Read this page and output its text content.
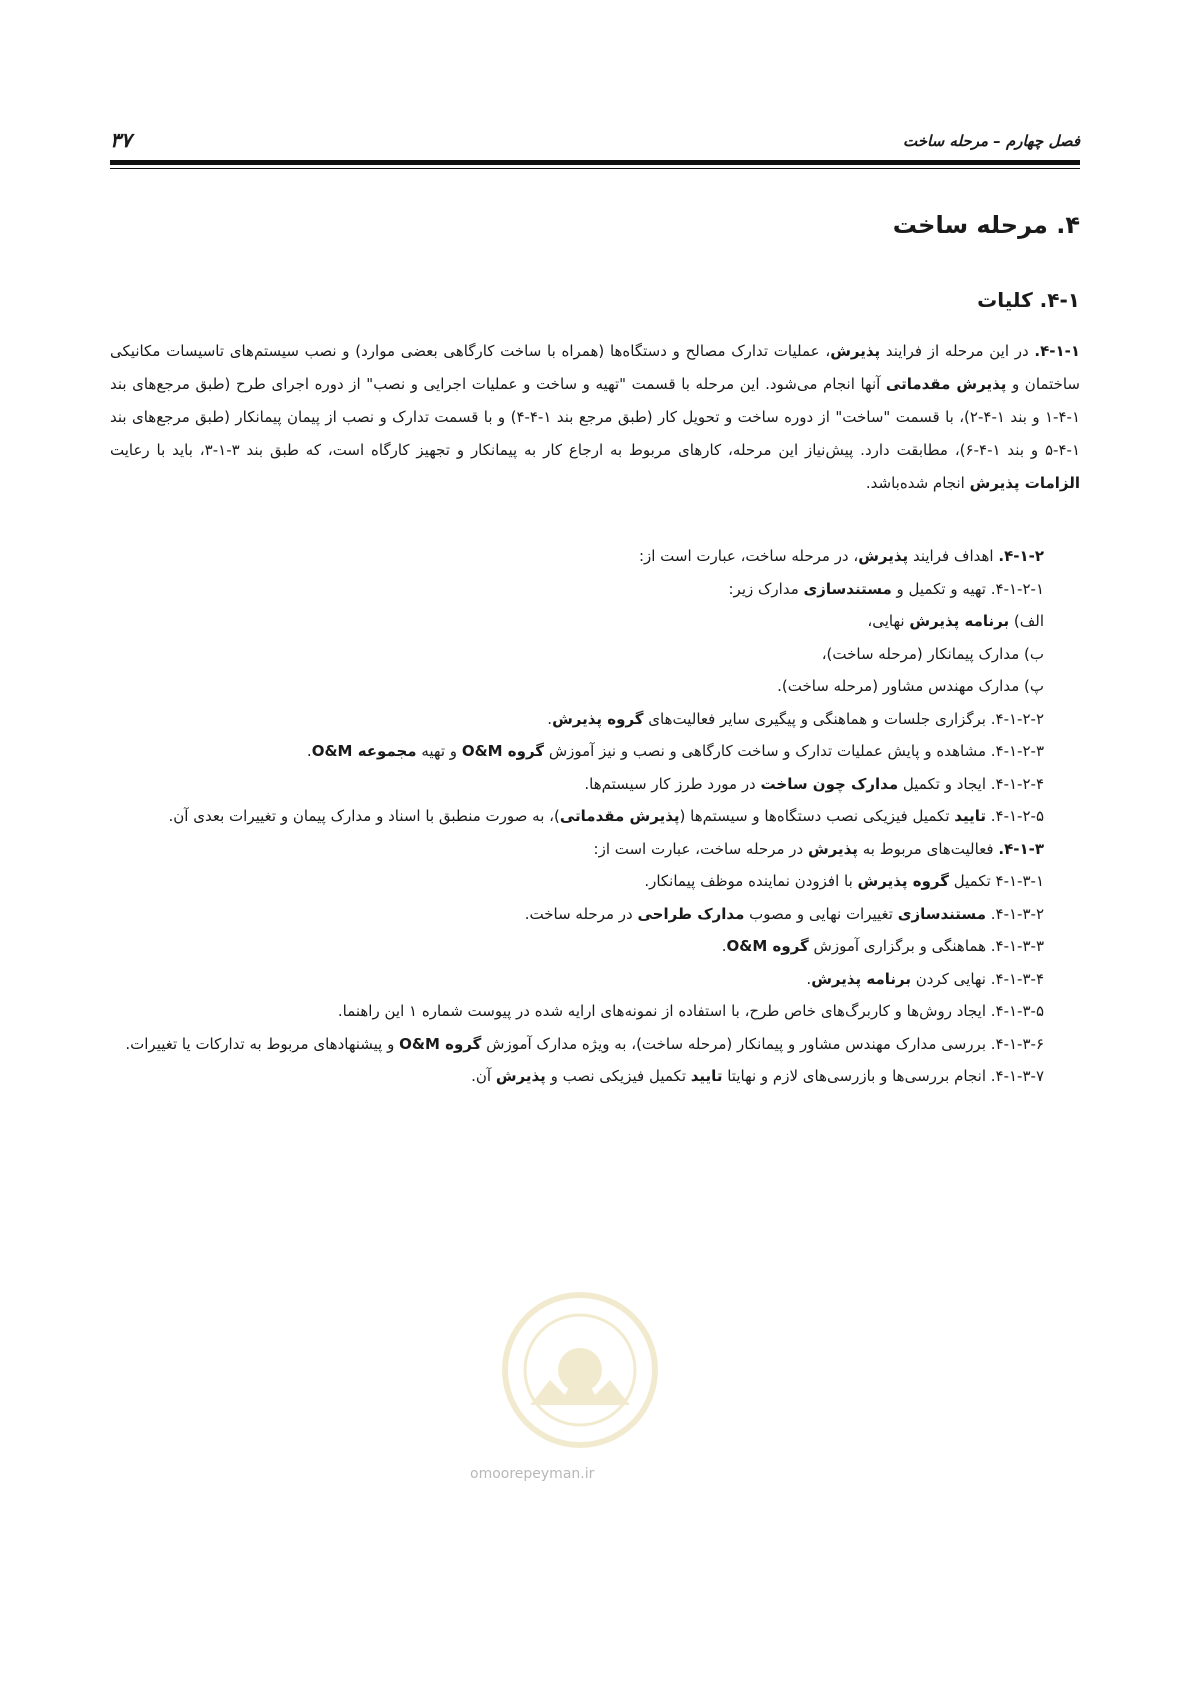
فصل چهارم – مرحله ساخت
۳۷
۴. مرحله ساخت
۴-۱. کلیات

۴-۱-۱. در این مرحله از فرایند پذیرش، عملیات تدارک مصالح و دستگاه‌ها (همراه با ساخت کارگاهی بعضی موارد) و نصب سیستم‌های تاسیسات مکانیکی ساختمان و پذیرش مقدماتی آنها انجام می‌شود. این مرحله با قسمت "تهیه و ساخت و عملیات اجرایی و نصب" از دوره اجرای طرح (طبق مرجع‌های بند ۱-۴-۱ و بند ۱-۴-۲)، با قسمت "ساخت" از دوره ساخت و تحویل کار (طبق مرجع بند ۱-۴-۴) و با قسمت تدارک و نصب از پیمان پیمانکار (طبق مرجع‌های بند ۱-۴-۵ و بند ۱-۴-۶)، مطابقت دارد. پیش‌نیاز این مرحله، کارهای مربوط به ارجاع کار به پیمانکار و تجهیز کارگاه است، که طبق بند ۳-۱-۳، باید با رعایت الزامات پذیرش انجام شده‌باشد.

۴-۱-۲. اهداف فرایند پذیرش، در مرحله ساخت، عبارت است از:

۴-۱-۲-۱. تهیه و تکمیل و مستندسازی مدارک زیر:

الف) برنامه پذیرش نهایی،

ب) مدارک پیمانکار (مرحله ساخت)،

پ) مدارک مهندس مشاور (مرحله ساخت).

۴-۱-۲-۲. برگزاری جلسات و هماهنگی و پیگیری سایر فعالیت‌های گروه پذیرش.

۴-۱-۲-۳. مشاهده و پایش عملیات تدارک و ساخت کارگاهی و نصب و نیز آموزش گروه O&M و تهیه مجموعه O&M.

۴-۱-۲-۴. ایجاد و تکمیل مدارک چون ساخت در مورد طرز کار سیستم‌ها.

۴-۱-۲-۵. تایید تکمیل فیزیکی نصب دستگاه‌ها و سیستم‌ها (پذیرش مقدماتی)، به صورت منطبق با اسناد و مدارک پیمان و تغییرات بعدی آن.

۴-۱-۳. فعالیت‌های مربوط به پذیرش در مرحله ساخت، عبارت است از:

۴-۱-۳-۱ تکمیل گروه پذیرش با افزودن نماینده موظف پیمانکار.

۴-۱-۳-۲. مستندسازی تغییرات نهایی و مصوب مدارک طراحی در مرحله ساخت.

۴-۱-۳-۳. هماهنگی و برگزاری آموزش گروه O&M.

۴-۱-۳-۴. نهایی کردن برنامه پذیرش.

۴-۱-۳-۵. ایجاد روش‌ها و کاربرگ‌های خاص طرح، با استفاده از نمونه‌های ارایه شده در پیوست شماره ۱ این راهنما.

۴-۱-۳-۶. بررسی مدارک مهندس مشاور و پیمانکار (مرحله ساخت)، به ویژه مدارک آموزش گروه O&M و پیشنهادهای مربوط به تدارکات یا تغییرات.

۴-۱-۳-۷. انجام بررسی‌ها و بازرسی‌های لازم و نهایتا تایید تکمیل فیزیکی نصب و پذیرش آن.

omoorepeyman.ir
